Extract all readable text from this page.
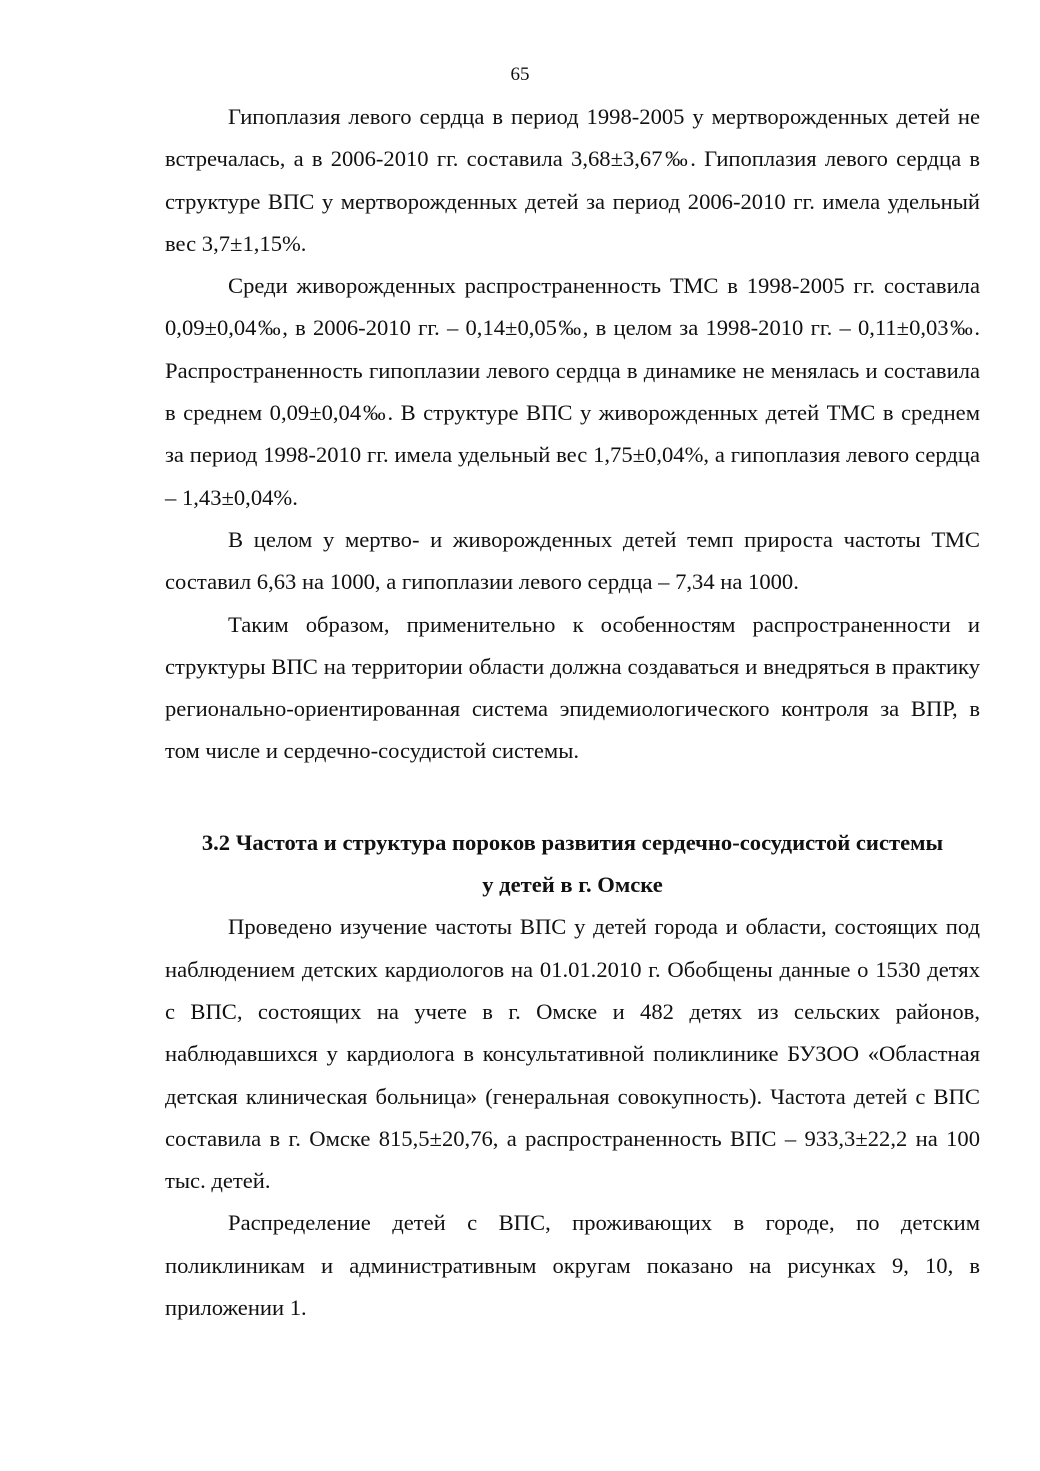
65

Гипоплазия левого сердца в период 1998-2005 у мертворожденных детей не встречалась, а в 2006-2010 гг. составила 3,68±3,67‰. Гипоплазия левого сердца в структуре ВПС у мертворожденных детей за период 2006-2010 гг. имела удельный вес 3,7±1,15%.

Среди живорожденных распространенность ТМС в 1998-2005 гг. составила 0,09±0,04‰, в 2006-2010 гг. – 0,14±0,05‰, в целом за 1998-2010 гг. – 0,11±0,03‰. Распространенность гипоплазии левого сердца в динамике не менялась и составила в среднем 0,09±0,04‰. В структуре ВПС у живорожденных детей ТМС в среднем за период 1998-2010 гг. имела удельный вес 1,75±0,04%, а гипоплазия левого сердца – 1,43±0,04%.

В целом у мертво- и живорожденных детей темп прироста частоты ТМС составил 6,63 на 1000, а гипоплазии левого сердца – 7,34 на 1000.

Таким образом, применительно к особенностям распространенности и структуры ВПС на территории области должна создаваться и внедряться в практику регионально-ориентированная система эпидемиологического контроля за ВПР, в том числе и сердечно-сосудистой системы.

3.2 Частота и структура пороков развития сердечно-сосудистой системы
у детей в г. Омске

Проведено изучение частоты ВПС у детей города и области, состоящих под наблюдением детских кардиологов на 01.01.2010 г. Обобщены данные о 1530 детях с ВПС, состоящих на учете в г. Омске и 482 детях из сельских районов, наблюдавшихся у кардиолога в консультативной поликлинике БУЗОО «Областная детская клиническая больница» (генеральная совокупность). Частота детей с ВПС составила в г. Омске 815,5±20,76, а распространенность ВПС – 933,3±22,2 на 100 тыс. детей.

Распределение детей с ВПС, проживающих в городе, по детским поликлиникам и административным округам показано на рисунках 9, 10, в приложении 1.
